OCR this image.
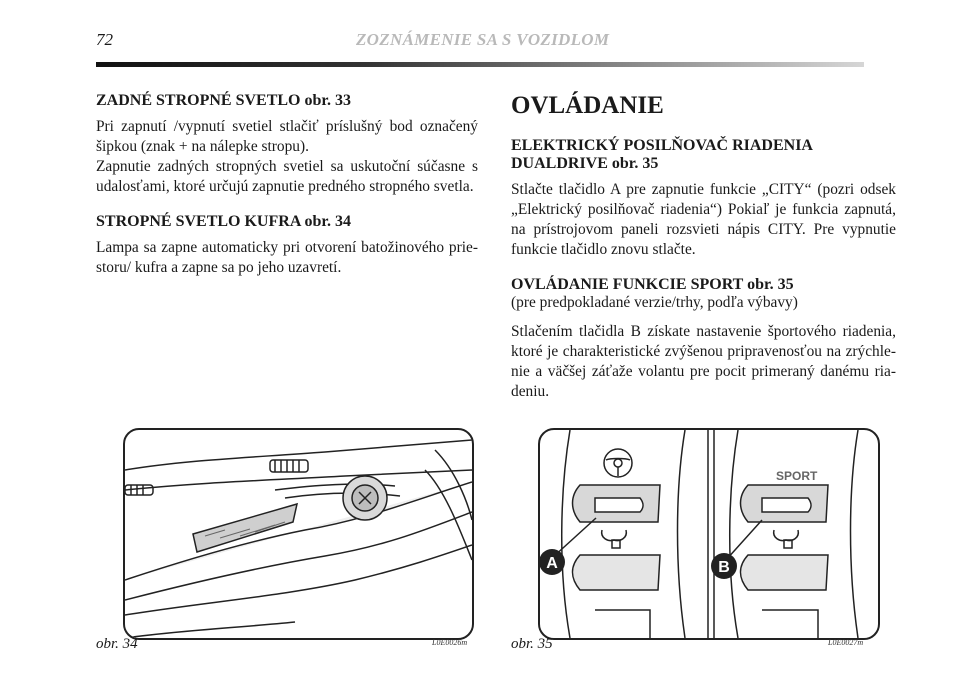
72	ZOZNÁMENIE SA S VOZIDLOM
ZADNÉ STROPNÉ SVETLO obr. 33

Pri zapnutí /vypnutí svetiel stlačiť príslušný bod označený šipkou (znak + na nálepke stropu).

Zapnutie zadných stropných svetiel sa uskutoční súčasne s udalosťami, ktoré určujú zapnutie predného stropného svetla.

STROPNÉ SVETLO KUFRA obr. 34

Lampa sa zapne automaticky pri otvorení batožinového priestoru/ kufra a zapne sa po jeho uzavretí.

OVLÁDANIE
ELEKTRICKÝ POSILŇOVAČ RIADENIA DUALDRIVE obr. 35

Stlačte tlačidlo A pre zapnutie funkcie „CITY“ (pozri odsek „Elektrický posilňovač riadenia“) Pokiaľ je funkcia zapnutá, na prístrojovom paneli rozsvieti nápis CITY. Pre vypnutie funkcie tlačidlo znovu stlačte.

OVLÁDANIE FUNKCIE SPORT obr. 35
(pre predpokladané verzie/trhy, podľa výbavy)

Stlačením tlačidla B získate nastavenie športového riadenia, ktoré je charakteristické zvýšenou pripravenosťou na zrýchlenie a väčšej záťaže volantu pre pocit primeraný danému riadeniu.

obr. 34	L0E0026m
SPORT
A	B
obr. 35	L0E0027m
